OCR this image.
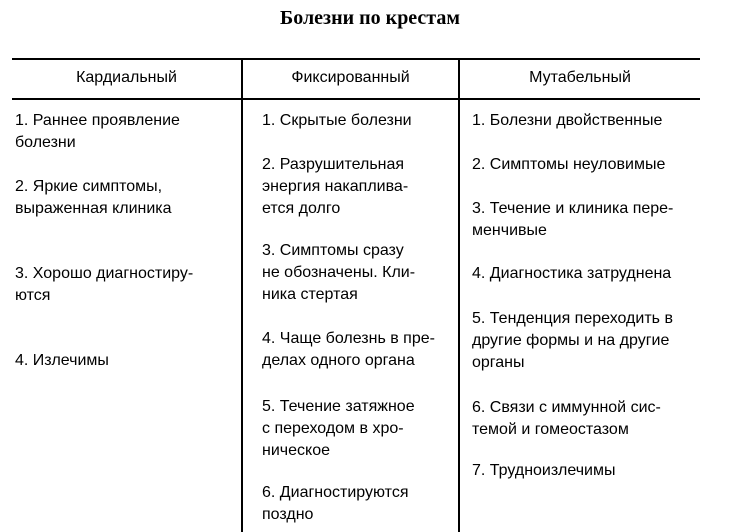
Болезни по крестам
Кардиальный	Фиксированный	Мутабельный
1. Раннее проявление
болезни
2. Яркие симптомы,
выраженная клиника
3. Хорошо диагностиру-
ются
4. Излечимы
1. Скрытые болезни
2. Разрушительная
энергия накаплива-
ется долго
3. Симптомы сразу
не обозначены. Кли-
ника стертая
4. Чаще болезнь в пре-
делах одного органа
5. Течение затяжное
с переходом в хро-
ническое
6. Диагностируются
поздно
1. Болезни двойственные
2. Симптомы неуловимые
3. Течение и клиника пере-
менчивые
4. Диагностика затруднена
5. Тенденция переходить в
другие формы и на другие
органы
6. Связи с иммунной сис-
темой и гомеостазом
7. Трудноизлечимы
